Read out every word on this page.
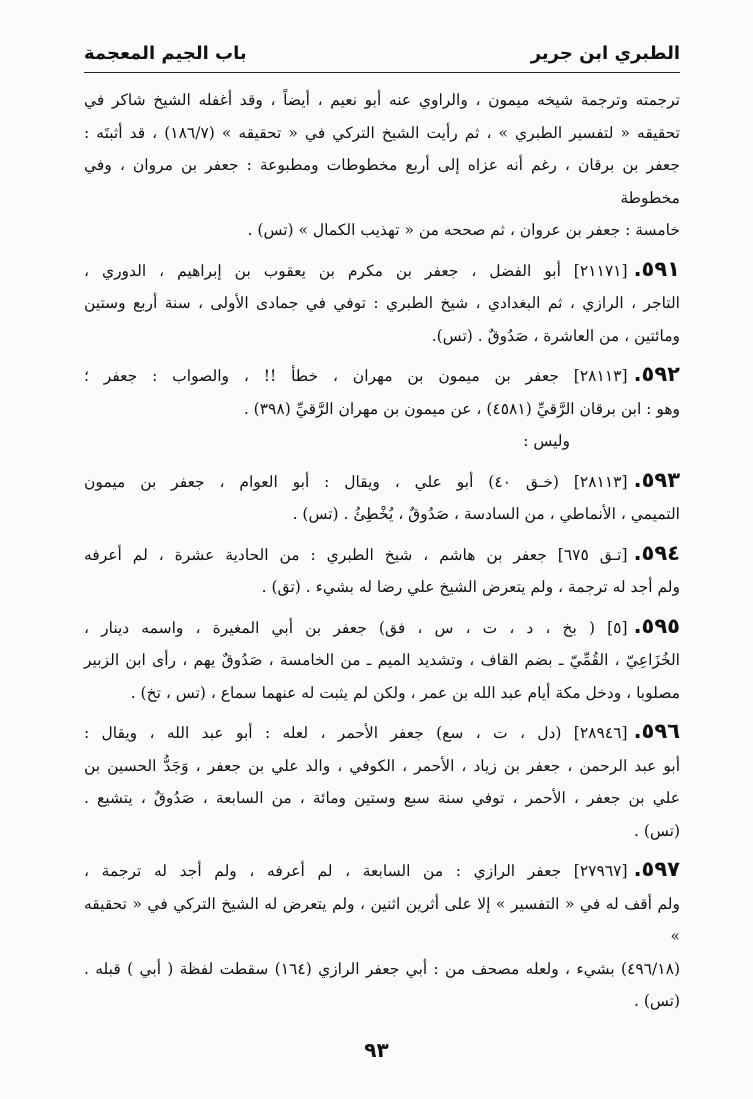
الطبري ابن جرير
باب الجيم المعجمة

ترجمته وترجمة شيخه ميمون ، والراوي عنه أبو نعيم ، أيضاً ، وقد أغفله الشيخ شاكر في

تحقيقه « لتفسير الطبري » ، ثم رأيت الشيخ التركي في « تحقيقه » (١٨٦/٧) ، قد أثبتَه :

جعفر بن برقان ، رغم أنه عزاه إلى أربع مخطوطات ومطبوعة : جعفر بن مروان ، وفي مخطوطة

خامسة : جعفر بن عروان ، ثم صححه من « تهذيب الكمال » (تس) .

٥٩١.[٢١١٧١] أبو الفضل ، جعفر بن مكرم بن يعقوب بن إبراهيم ، الدوري ،

التاجر ، الرازي ، ثم البغدادي ، شيخ الطبري : توفي في جمادى الأولى ، سنة أربع وستين

ومائتين ، من العاشرة ، صَدُوقٌ . (تس).

٥٩٢.[٢٨١١٣] جعفر بن ميمون بن مهران ، خطأ !! ، والصواب : جعفر ؛

وهو : ابن برقان الرَّقيِّ (٤٥٨١) ، عن ميمون بن مهران الرَّقيِّ (٣٩٨) .

وليس :

٥٩٣.[٢٨١١٣] (خـق ٤٠) أبو علي ، ويقال : أبو العوام ، جعفر بن ميمون

التميمي ، الأنماطي ، من السادسة ، صَدُوقٌ ، يُخْطِئُ . (تس) .

٥٩٤.[تـق ٦٧٥] جعفر بن هاشم ، شيخ الطبري : من الحادية عشرة ، لم أعرفه

ولم أجد له ترجمة ، ولم يتعرض الشيخ علي رضا له بشيء . (تق) .

٥٩٥.[٥] ( بخ ، د ، ت ، س ، فق) جعفر بن أبي المغيرة ، واسمه دينار ،

الخُزَاعِيّ ، القُمِّيّ ـ بضم القاف ، وتشديد الميم ـ من الخامسة ، صَدُوقٌ يهم ، رأى ابن الزبير

مصلوبا ، ودخل مكة أيام عبد الله بن عمر ، ولكن لم يثبت له عنهما سماع ، (تس ، تخ) .

٥٩٦.[٢٨٩٤٦] (دل ، ت ، سع) جعفر الأحمر ، لعله : أبو عبد الله ، ويقال :

أبو عبد الرحمن ، جعفر بن زياد ، الأحمر ، الكوفي ، والد علي بن جعفر ، وَجَدُّ الحسين بن

علي بن جعفر ، الأحمر ، توفي سنة سبع وستين ومائة ، من السابعة ، صَدُوقٌ ، يتشيع .

(تس) .

٥٩٧.[٢٧٩٦٧] جعفر الرازي : من السابعة ، لم أعرفه ، ولم أجد له ترجمة ،

ولم أقف له في « التفسير » إلا على أثرين اثنين ، ولم يتعرض له الشيخ التركي في « تحقيقه »

(٤٩٦/١٨) بشيء ، ولعله مصحف من : أبي جعفر الرازي (١٦٤) سقطت لفظة ( أبي ) قبله .

(تس) .

٩٣
